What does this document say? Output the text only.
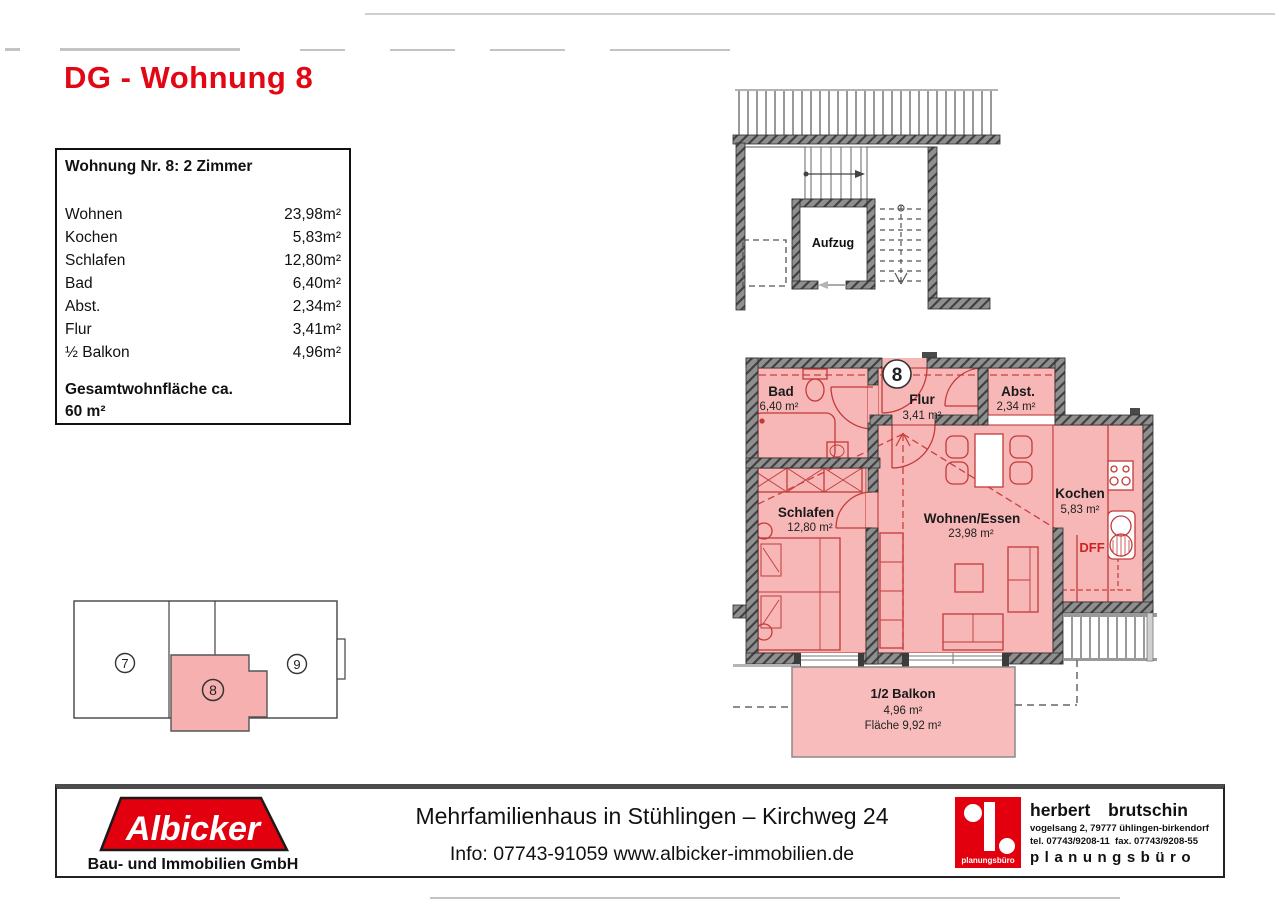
DG - Wohnung 8
Wohnung Nr. 8: 2 Zimmer
Wohnen	23,98m²
Kochen	5,83m²
Schlafen	12,80m²
Bad	6,40m²
Abst.	2,34m²
Flur	3,41m²
½ Balkon	4,96m²
Gesamtwohnfläche ca.
60 m²
7
8
9
Aufzug
1/2 Balkon
4,96 m²
Fläche 9,92 m²
Bad
6,40 m²	Flur
3,41 m²
Abst.
2,34 m²
Kochen
5,83 m²
Schlafen
12,80 m²
Wohnen/Essen
23,98 m²
DFF
8
Albicker
Bau- und Immobilien GmbH
Mehrfamilienhaus in Stühlingen – Kirchweg 24
Info: 07743-91059 www.albicker-immobilien.de	planungsbüro
herbert brutschin
vogelsang 2, 79777 ühlingen-birkendorf
tel. 07743/9208-11  fax. 07743/9208-55
planungsbüro
